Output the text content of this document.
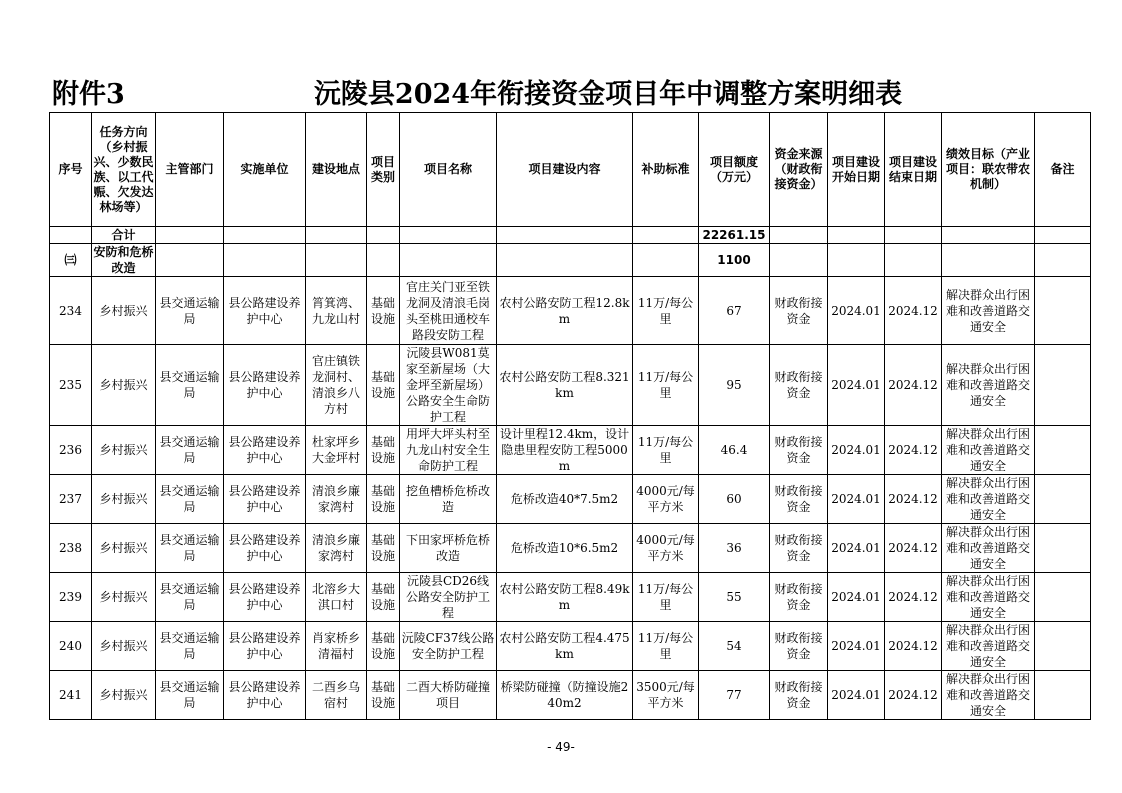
附件3	沅陵县2024年衔接资金项目年中调整方案明细表
序号	任务方向（乡村振兴、少数民族、以工代赈、欠发达林场等）	主管部门	实施单位	建设地点	项目类别	项目名称	项目建设内容	补助标准	项目额度（万元）	资金来源（财政衔接资金）	项目建设开始日期	项目建设结束日期	绩效目标（产业项目：联农带农机制）	备注
	合计								22261.15					
㈢	安防和危桥改造								1100					
234	乡村振兴	县交通运输局	县公路建设养护中心	筲箕湾、九龙山村	基础设施	官庄关门亚至铁龙洞及清浪毛岗头至桃田通校车路段安防工程	农村公路安防工程12.8km	11万/每公里	67	财政衔接资金	2024.01	2024.12	解决群众出行困难和改善道路交通安全	
235	乡村振兴	县交通运输局	县公路建设养护中心	官庄镇铁龙洞村、清浪乡八方村	基础设施	沅陵县W081莫家至新屋场（大金坪至新屋场）公路安全生命防护工程	农村公路安防工程8.321km	11万/每公里	95	财政衔接资金	2024.01	2024.12	解决群众出行困难和改善道路交通安全	
236	乡村振兴	县交通运输局	县公路建设养护中心	杜家坪乡大金坪村	基础设施	用坪大坪头村至九龙山村安全生命防护工程	设计里程12.4km，设计隐患里程安防工程5000m	11万/每公里	46.4	财政衔接资金	2024.01	2024.12	解决群众出行困难和改善道路交通安全	
237	乡村振兴	县交通运输局	县公路建设养护中心	清浪乡廉家湾村	基础设施	挖鱼槽桥危桥改造	危桥改造40*7.5m2	4000元/每平方米	60	财政衔接资金	2024.01	2024.12	解决群众出行困难和改善道路交通安全	
238	乡村振兴	县交通运输局	县公路建设养护中心	清浪乡廉家湾村	基础设施	下田家坪桥危桥改造	危桥改造10*6.5m2	4000元/每平方米	36	财政衔接资金	2024.01	2024.12	解决群众出行困难和改善道路交通安全	
239	乡村振兴	县交通运输局	县公路建设养护中心	北溶乡大淇口村	基础设施	沅陵县CD26线公路安全防护工程	农村公路安防工程8.49km	11万/每公里	55	财政衔接资金	2024.01	2024.12	解决群众出行困难和改善道路交通安全	
240	乡村振兴	县交通运输局	县公路建设养护中心	肖家桥乡清福村	基础设施	沅陵CF37线公路安全防护工程	农村公路安防工程4.475km	11万/每公里	54	财政衔接资金	2024.01	2024.12	解决群众出行困难和改善道路交通安全	
241	乡村振兴	县交通运输局	县公路建设养护中心	二酉乡乌宿村	基础设施	二酉大桥防碰撞项目	桥梁防碰撞（防撞设施240m2	3500元/每平方米	77	财政衔接资金	2024.01	2024.12	解决群众出行困难和改善道路交通安全	
- 49-
